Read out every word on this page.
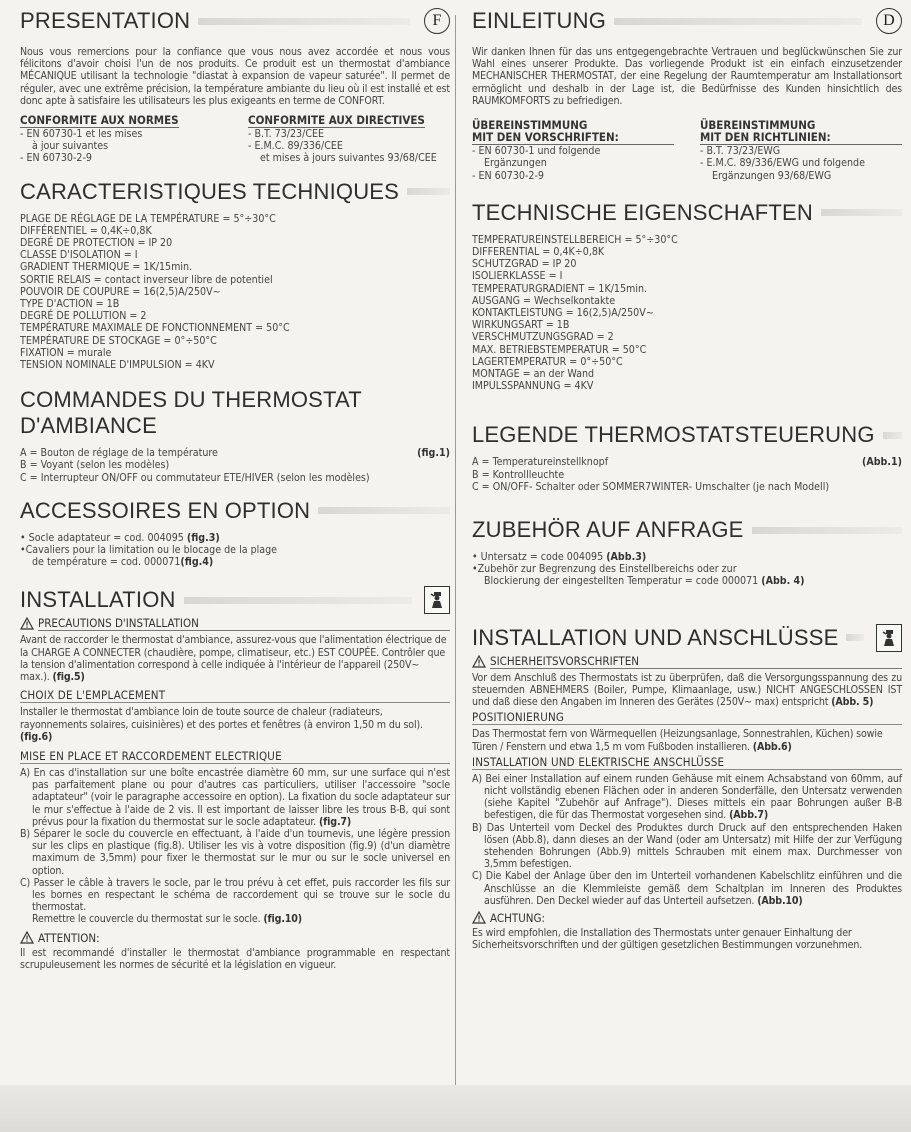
PRESENTATION	F

Nous vous remercions pour la confiance que vous nous avez accordée et nous vous félicitons d'avoir choisi l'un de nos produits. Ce produit est un thermostat d'ambiance MÉCANIQUE utilisant la technologie "diastat à expansion de vapeur saturée". Il permet de réguler, avec une extrême précision, la température ambiante du lieu où il est installé et est donc apte à satisfaire les utilisateurs les plus exigeants en terme de CONFORT.

CONFORMITE AUX NORMES
- EN 60730-1 et les mises
à jour suivantes
- EN 60730-2-9
CONFORMITE AUX DIRECTIVES
- B.T. 73/23/CEE
- E.M.C. 89/336/CEE
et mises à jours suivantes 93/68/CEE
CARACTERISTIQUES TECHNIQUES
PLAGE DE RÉGLAGE DE LA TEMPÉRATURE = 5°÷30°C
DIFFÉRENTIEL = 0,4K÷0,8K
DEGRÉ DE PROTECTION = IP 20
CLASSE D'ISOLATION = I
GRADIENT THERMIQUE = 1K/15min.
SORTIE RELAIS = contact inverseur libre de potentiel
POUVOIR DE COUPURE = 16(2,5)A/250V~
TYPE D'ACTION = 1B
DEGRÉ DE POLLUTION = 2
TEMPÉRATURE MAXIMALE DE FONCTIONNEMENT = 50°C
TEMPÉRATURE DE STOCKAGE = 0°÷50°C
FIXATION = murale
TENSION NOMINALE D'IMPULSION = 4KV
COMMANDES DU THERMOSTAT D'AMBIANCE
A = Bouton de réglage de la température	(fig.1)
B = Voyant (selon les modèles)
C = Interrupteur ON/OFF ou commutateur ETE/HIVER (selon les modèles)
ACCESSOIRES EN OPTION
• Socle adaptateur = cod. 004095 (fig.3)
• Cavaliers pour la limitation ou le blocage de la plage
de température = cod. 000071(fig.4)
INSTALLATION
PRECAUTIONS D'INSTALLATION

Avant de raccorder le thermostat d'ambiance, assurez-vous que l'alimentation électrique de la CHARGE A CONNECTER (chaudière, pompe, climatiseur, etc.) EST COUPÉE. Contrôler que la tension d'alimentation correspond à celle indiquée à l'intérieur de l'appareil (250V~ max.). (fig.5)

CHOIX DE L'EMPLACEMENT

Installer le thermostat d'ambiance loin de toute source de chaleur (radiateurs, rayonnements solaires, cuisinières) et des portes et fenêtres (à environ 1,50 m du sol). (fig.6)

MISE EN PLACE ET RACCORDEMENT ELECTRIQUE

A) En cas d'installation sur une boîte encastrée diamètre 60 mm, sur une surface qui n'est pas parfaitement plane ou pour d'autres cas particuliers, utiliser l'accessoire "socle adaptateur" (voir le paragraphe accessoire en option). La fixation du socle adaptateur sur le mur s'effectue à l'aide de 2 vis. Il est important de laisser libre les trous B-B, qui sont prévus pour la fixation du thermostat sur le socle adaptateur. (fig.7)

B) Séparer le socle du couvercle en effectuant, à l'aide d'un tournevis, une légère pression sur les clips en plastique (fig.8). Utiliser les vis à votre disposition (fig.9) (d'un diamètre maximum de 3,5mm) pour fixer le thermostat sur le mur ou sur le socle universel en option.

C) Passer le câble à travers le socle, par le trou prévu à cet effet, puis raccorder les fils sur les bornes en respectant le schéma de raccordement qui se trouve sur le socle du thermostat.

Remettre le couvercle du thermostat sur le socle. (fig.10)

ATTENTION:

Il est recommandé d'installer le thermostat d'ambiance programmable en respectant scrupuleusement les normes de sécurité et la législation en vigueur.

EINLEITUNG	D

Wir danken Ihnen für das uns entgegengebrachte Vertrauen und beglückwünschen Sie zur Wahl eines unserer Produkte. Das vorliegende Produkt ist ein einfach einzusetzender MECHANISCHER THERMOSTAT, der eine Regelung der Raumtemperatur am Installationsort ermöglicht und deshalb in der Lage ist, die Bedürfnisse des Kunden hinsichtlich des RAUMKOMFORTS zu befriedigen.

ÜBEREINSTIMMUNG
MIT DEN VORSCHRIFTEN:
- EN 60730-1 und folgende
Ergänzungen
- EN 60730-2-9
ÜBEREINSTIMMUNG
MIT DEN RICHTLINIEN:
- B.T. 73/23/EWG
- E.M.C. 89/336/EWG und folgende
Ergänzungen 93/68/EWG
TECHNISCHE EIGENSCHAFTEN
TEMPERATUREINSTELLBEREICH = 5°÷30°C
DIFFERENTIAL = 0,4K÷0,8K
SCHUTZGRAD = IP 20
ISOLIERKLASSE = I
TEMPERATURGRADIENT = 1K/15min.
AUSGANG = Wechselkontakte
KONTAKTLEISTUNG = 16(2,5)A/250V~
WIRKUNGSART = 1B
VERSCHMUTZUNGSGRAD = 2
MAX. BETRIEBSTEMPERATUR = 50°C
LAGERTEMPERATUR = 0°÷50°C
MONTAGE = an der Wand
IMPULSSPANNUNG = 4KV
LEGENDE THERMOSTATSTEUERUNG
A = Temperatureinstellknopf	(Abb.1)
B = Kontrollleuchte
C = ON/OFF- Schalter oder SOMMER7WINTER- Umschalter (je nach Modell)
ZUBEHÖR AUF ANFRAGE
• Untersatz = code 004095 (Abb.3)
• Zubehör zur Begrenzung des Einstellbereichs oder zur
Blockierung der eingestellten Temperatur = code 000071 (Abb. 4)
INSTALLATION UND ANSCHLÜSSE
SICHERHEITSVORSCHRIFTEN

Vor dem Anschluß des Thermostats ist zu überprüfen, daß die Versorgungsspannung des zu steuernden ABNEHMERS (Boiler, Pumpe, Klimaanlage, usw.) NICHT ANGESCHLOSSEN IST und daß diese den Angaben im Inneren des Gerätes (250V~ max) entspricht (Abb. 5)

POSITIONIERUNG

Das Thermostat fern von Wärmequellen (Heizungsanlage, Sonnestrahlen, Küchen) sowie Türen / Fenstern und etwa 1,5 m vom Fußboden installieren. (Abb.6)

INSTALLATION UND ELEKTRISCHE ANSCHLÜSSE

A) Bei einer Installation auf einem runden Gehäuse mit einem Achsabstand von 60mm, auf nicht vollständig ebenen Flächen oder in anderen Sonderfälle, den Untersatz verwenden (siehe Kapitel "Zubehör auf Anfrage"). Dieses mittels ein paar Bohrungen außer B-B befestigen, die für das Thermostat vorgesehen sind. (Abb.7)

B) Das Unterteil vom Deckel des Produktes durch Druck auf den entsprechenden Haken lösen (Abb.8), dann dieses an der Wand (oder am Untersatz) mit Hilfe der zur Verfügung stehenden Bohrungen (Abb.9) mittels Schrauben mit einem max. Durchmesser von 3,5mm befestigen.

C) Die Kabel der Anlage über den im Unterteil vorhandenen Kabelschlitz einführen und die Anschlüsse an die Klemmleiste gemäß dem Schaltplan im Inneren des Produktes ausführen. Den Deckel wieder auf das Unterteil aufsetzen. (Abb.10)

ACHTUNG:

Es wird empfohlen, die Installation des Thermostats unter genauer Einhaltung der Sicherheitsvorschriften und der gültigen gesetzlichen Bestimmungen vorzunehmen.
